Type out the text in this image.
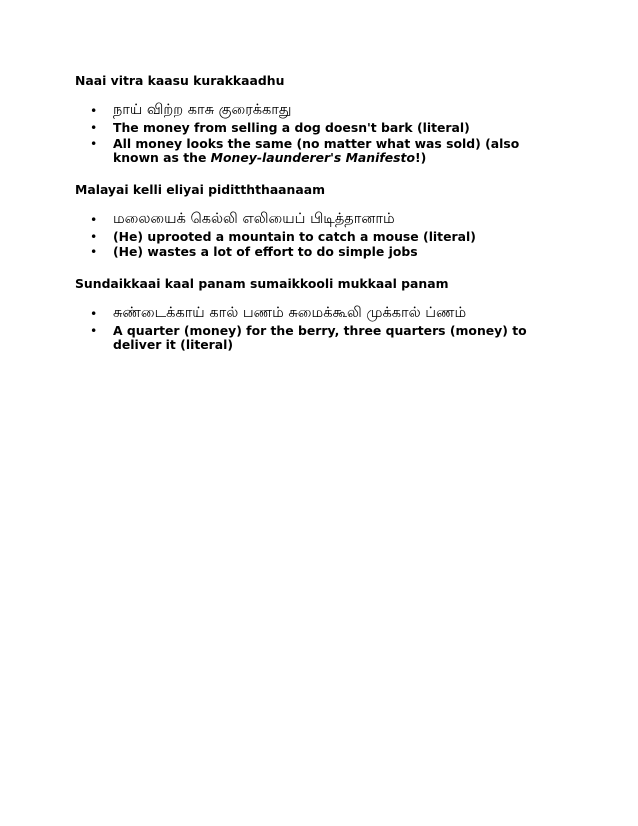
Naai vitra kaasu kurakkaadhu

• நாய் விற்ற காசு குரைக்காது
• The money from selling a dog doesn't bark (literal)
• All money looks the same (no matter what was sold) (also known as the Money-launderer's Manifesto!)

Malayai kelli eliyai piditththaanaam

• மலையைக் கெல்லி எலியைப் பிடித்தானாம்
• (He) uprooted a mountain to catch a mouse (literal)
• (He) wastes a lot of effort to do simple jobs

Sundaikkaai kaal panam sumaikkooli mukkaal panam

• சுண்டைக்காய் கால் பணம் சுமைக்கூலி முக்கால் ப்ணம்
• A quarter (money) for the berry, three quarters (money) to deliver it (literal)
